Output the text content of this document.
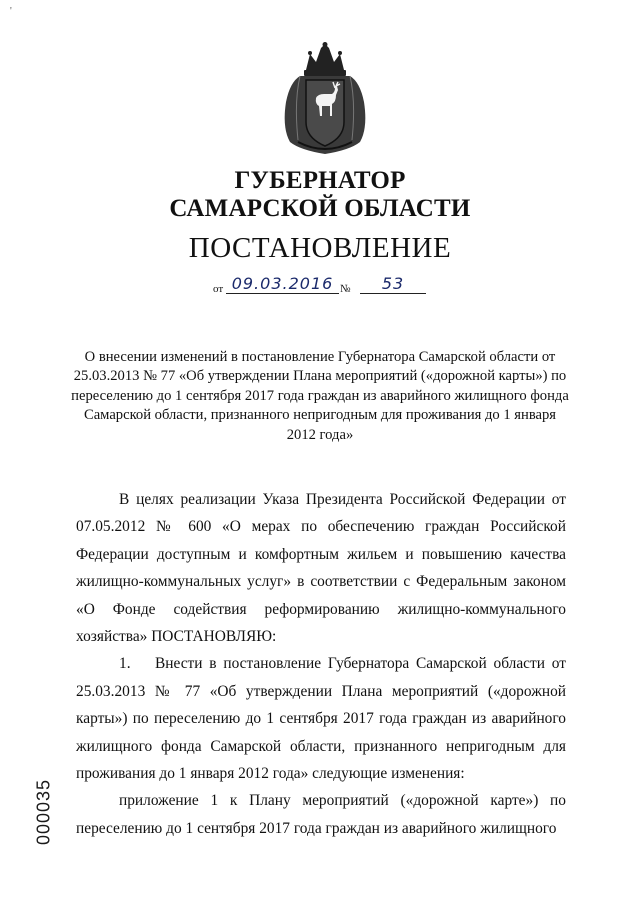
'
ГУБЕРНАТОР
САМАРСКОЙ ОБЛАСТИ
ПОСТАНОВЛЕНИЕ
от 09.03.2016 №	53
О внесении изменений в постановление Губернатора Самарской области от 25.03.2013 № 77 «Об утверждении Плана мероприятий («дорожной карты») по переселению до 1 сентября 2017 года граждан из аварийного жилищного фонда Самарской области, признанного непригодным для проживания до 1 января 2012 года»

В целях реализации Указа Президента Российской Федерации от 07.05.2012 № 600 «О мерах по обеспечению граждан Российской Федерации доступным и комфортным жильем и повышению качества жилищно-коммунальных услуг» в соответствии с Федеральным законом «О Фонде содействия реформированию жилищно-коммунального хозяйства» ПОСТАНОВЛЯЮ:

1. Внести в постановление Губернатора Самарской области от 25.03.2013 № 77 «Об утверждении Плана мероприятий («дорожной карты») по переселению до 1 сентября 2017 года граждан из аварийного жилищного фонда Самарской области, признанного непригодным для проживания до 1 января 2012 года» следующие изменения:

приложение 1 к Плану мероприятий («дорожной карте») по переселению до 1 сентября 2017 года граждан из аварийного жилищного

000035
